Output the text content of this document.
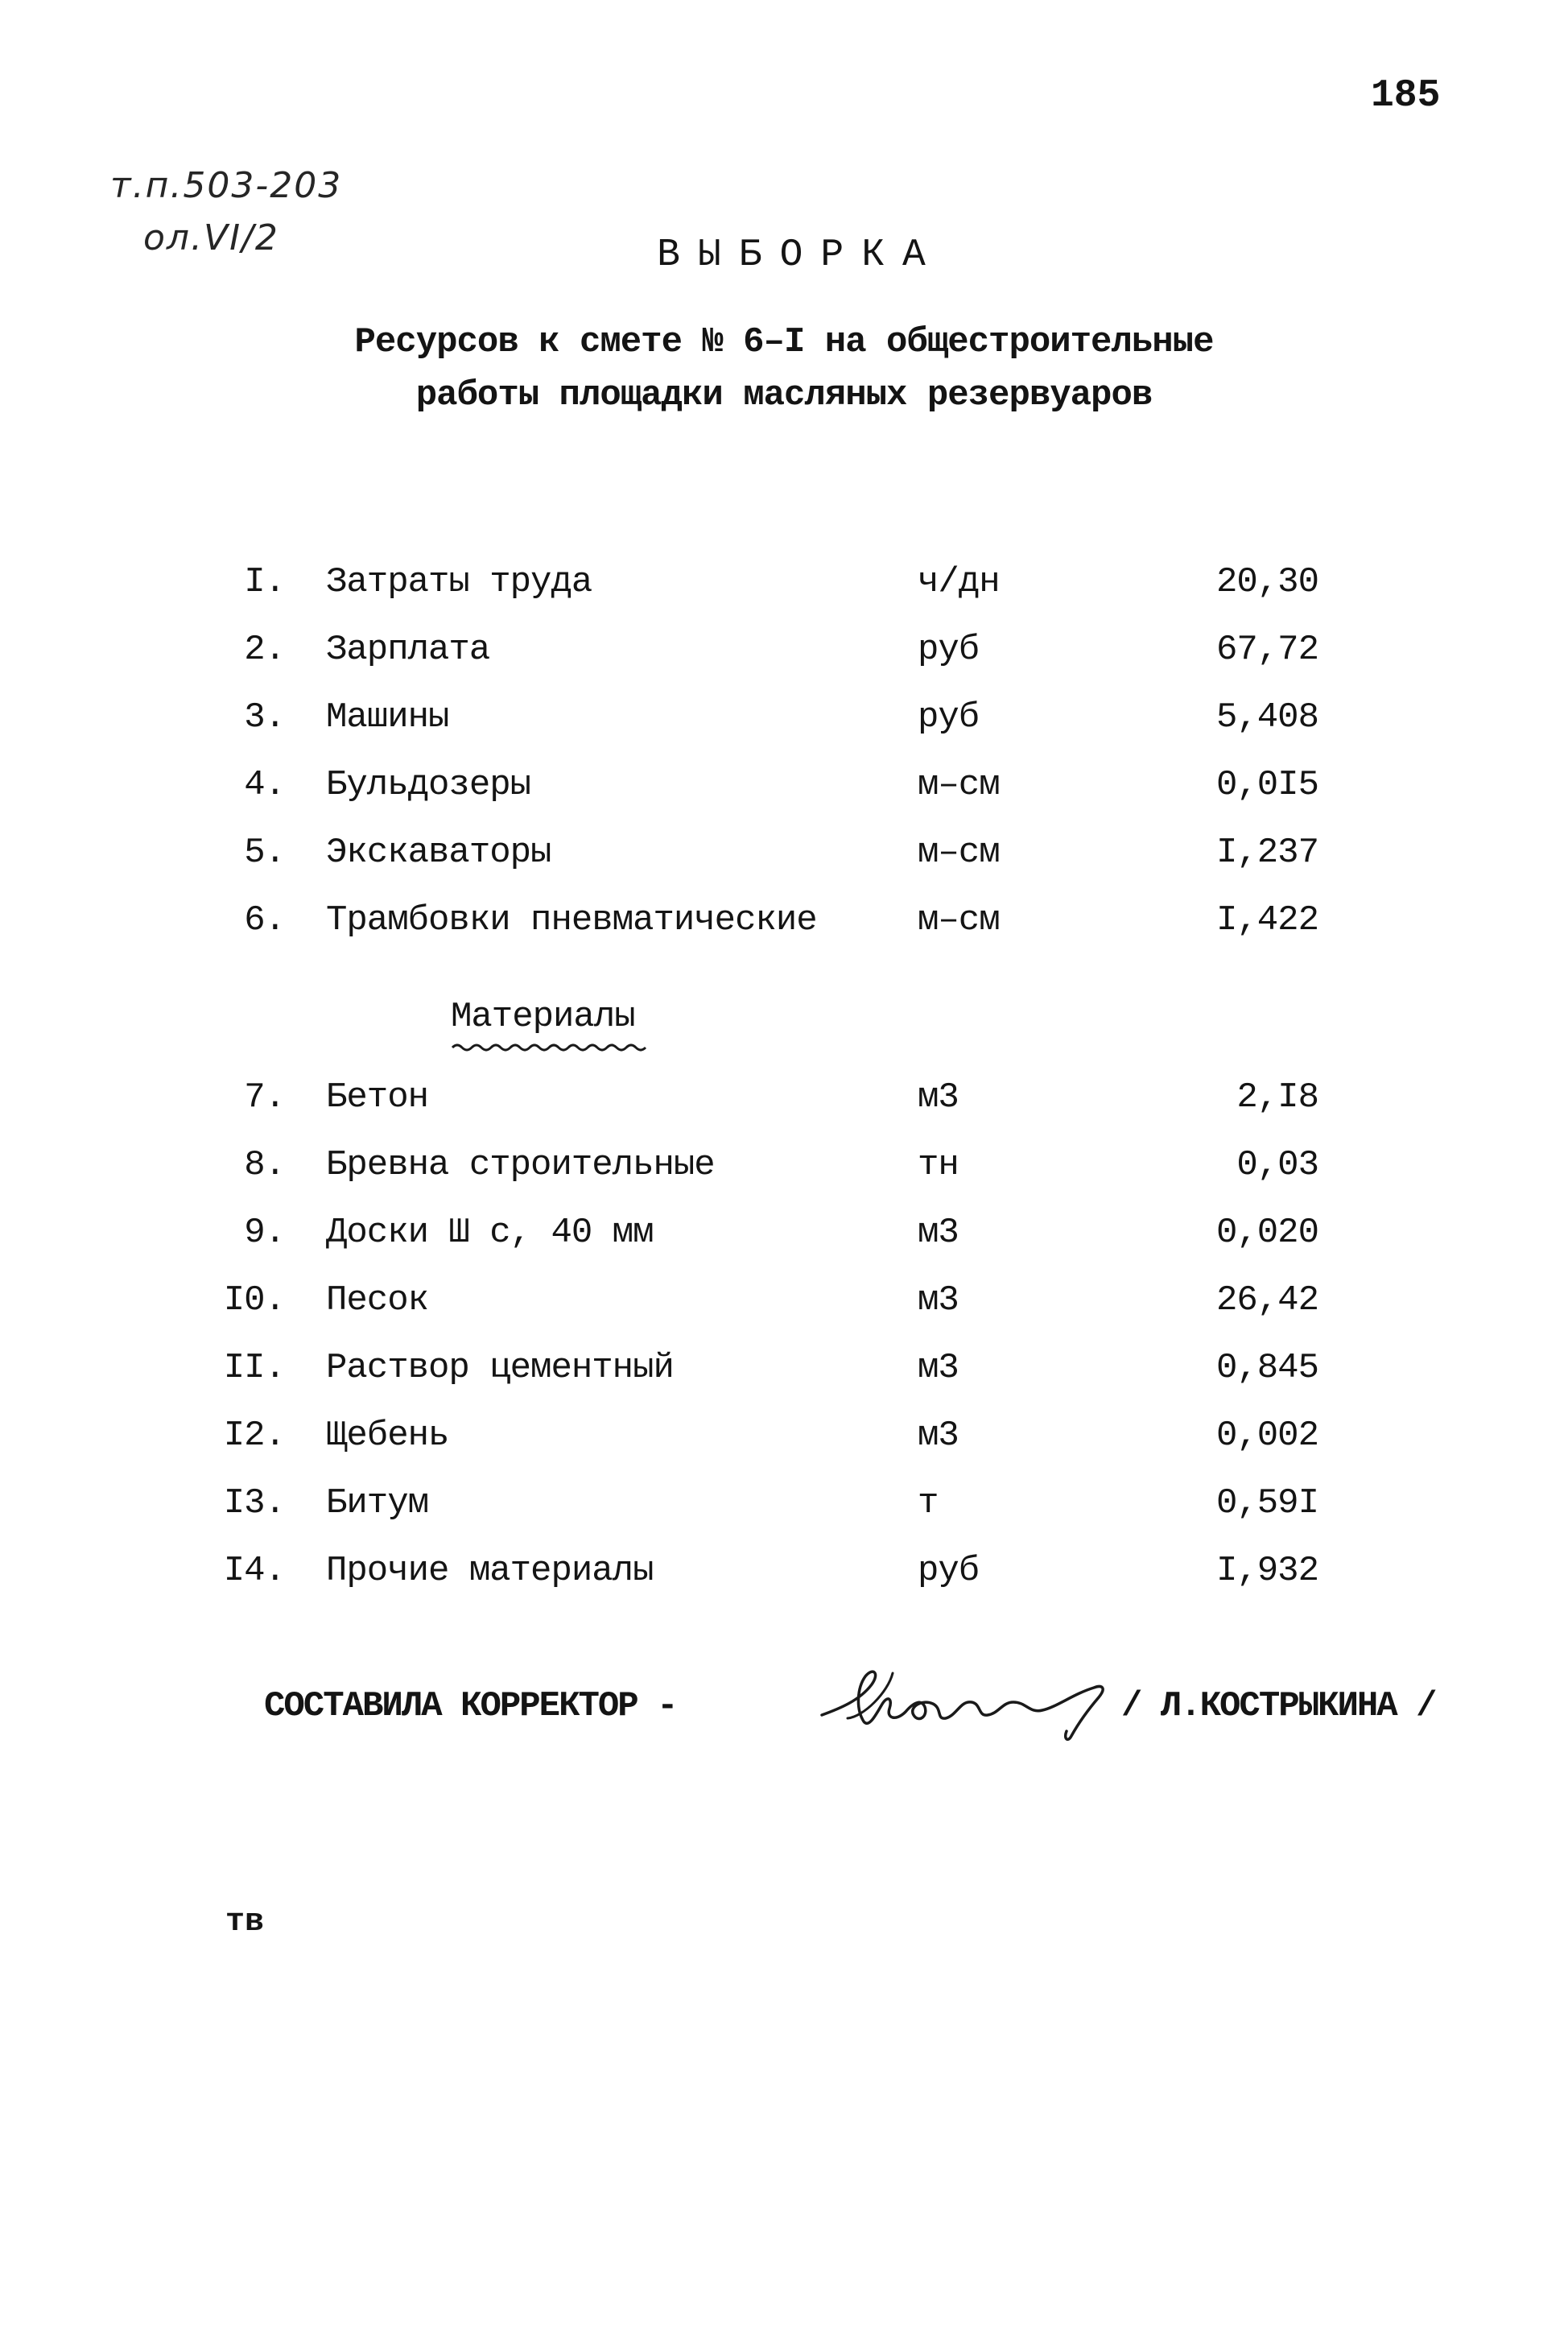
185
т.п.503-203
ол.VI/2	ВЫБОРКА
Ресурсов к смете № 6–I на общестроительные
работы площадки масляных резервуаров
I. Затраты труда	ч/дн	20,30
2. Зарплата	руб	67,72
3. Машины	руб	5,408
4. Бульдозеры	м–см	0,0I5
5. Экскаваторы	м–см	I,237
6. Трамбовки пневматические	м–см	I,422
Материалы
7. Бетон	м3	2,I8
8. Бревна строительные	тн	0,03
9. Доски Ш с, 40 мм	м3	0,020
I0. Песок	м3	26,42
II. Раствор цементный	м3	0,845
I2. Щебень	м3	0,002
I3. Битум	т	0,59I
I4. Прочие материалы	руб	I,932
СОСТАВИЛА КОРРЕКТОР -	/ Л.КОСТРЫКИНА /
тв
